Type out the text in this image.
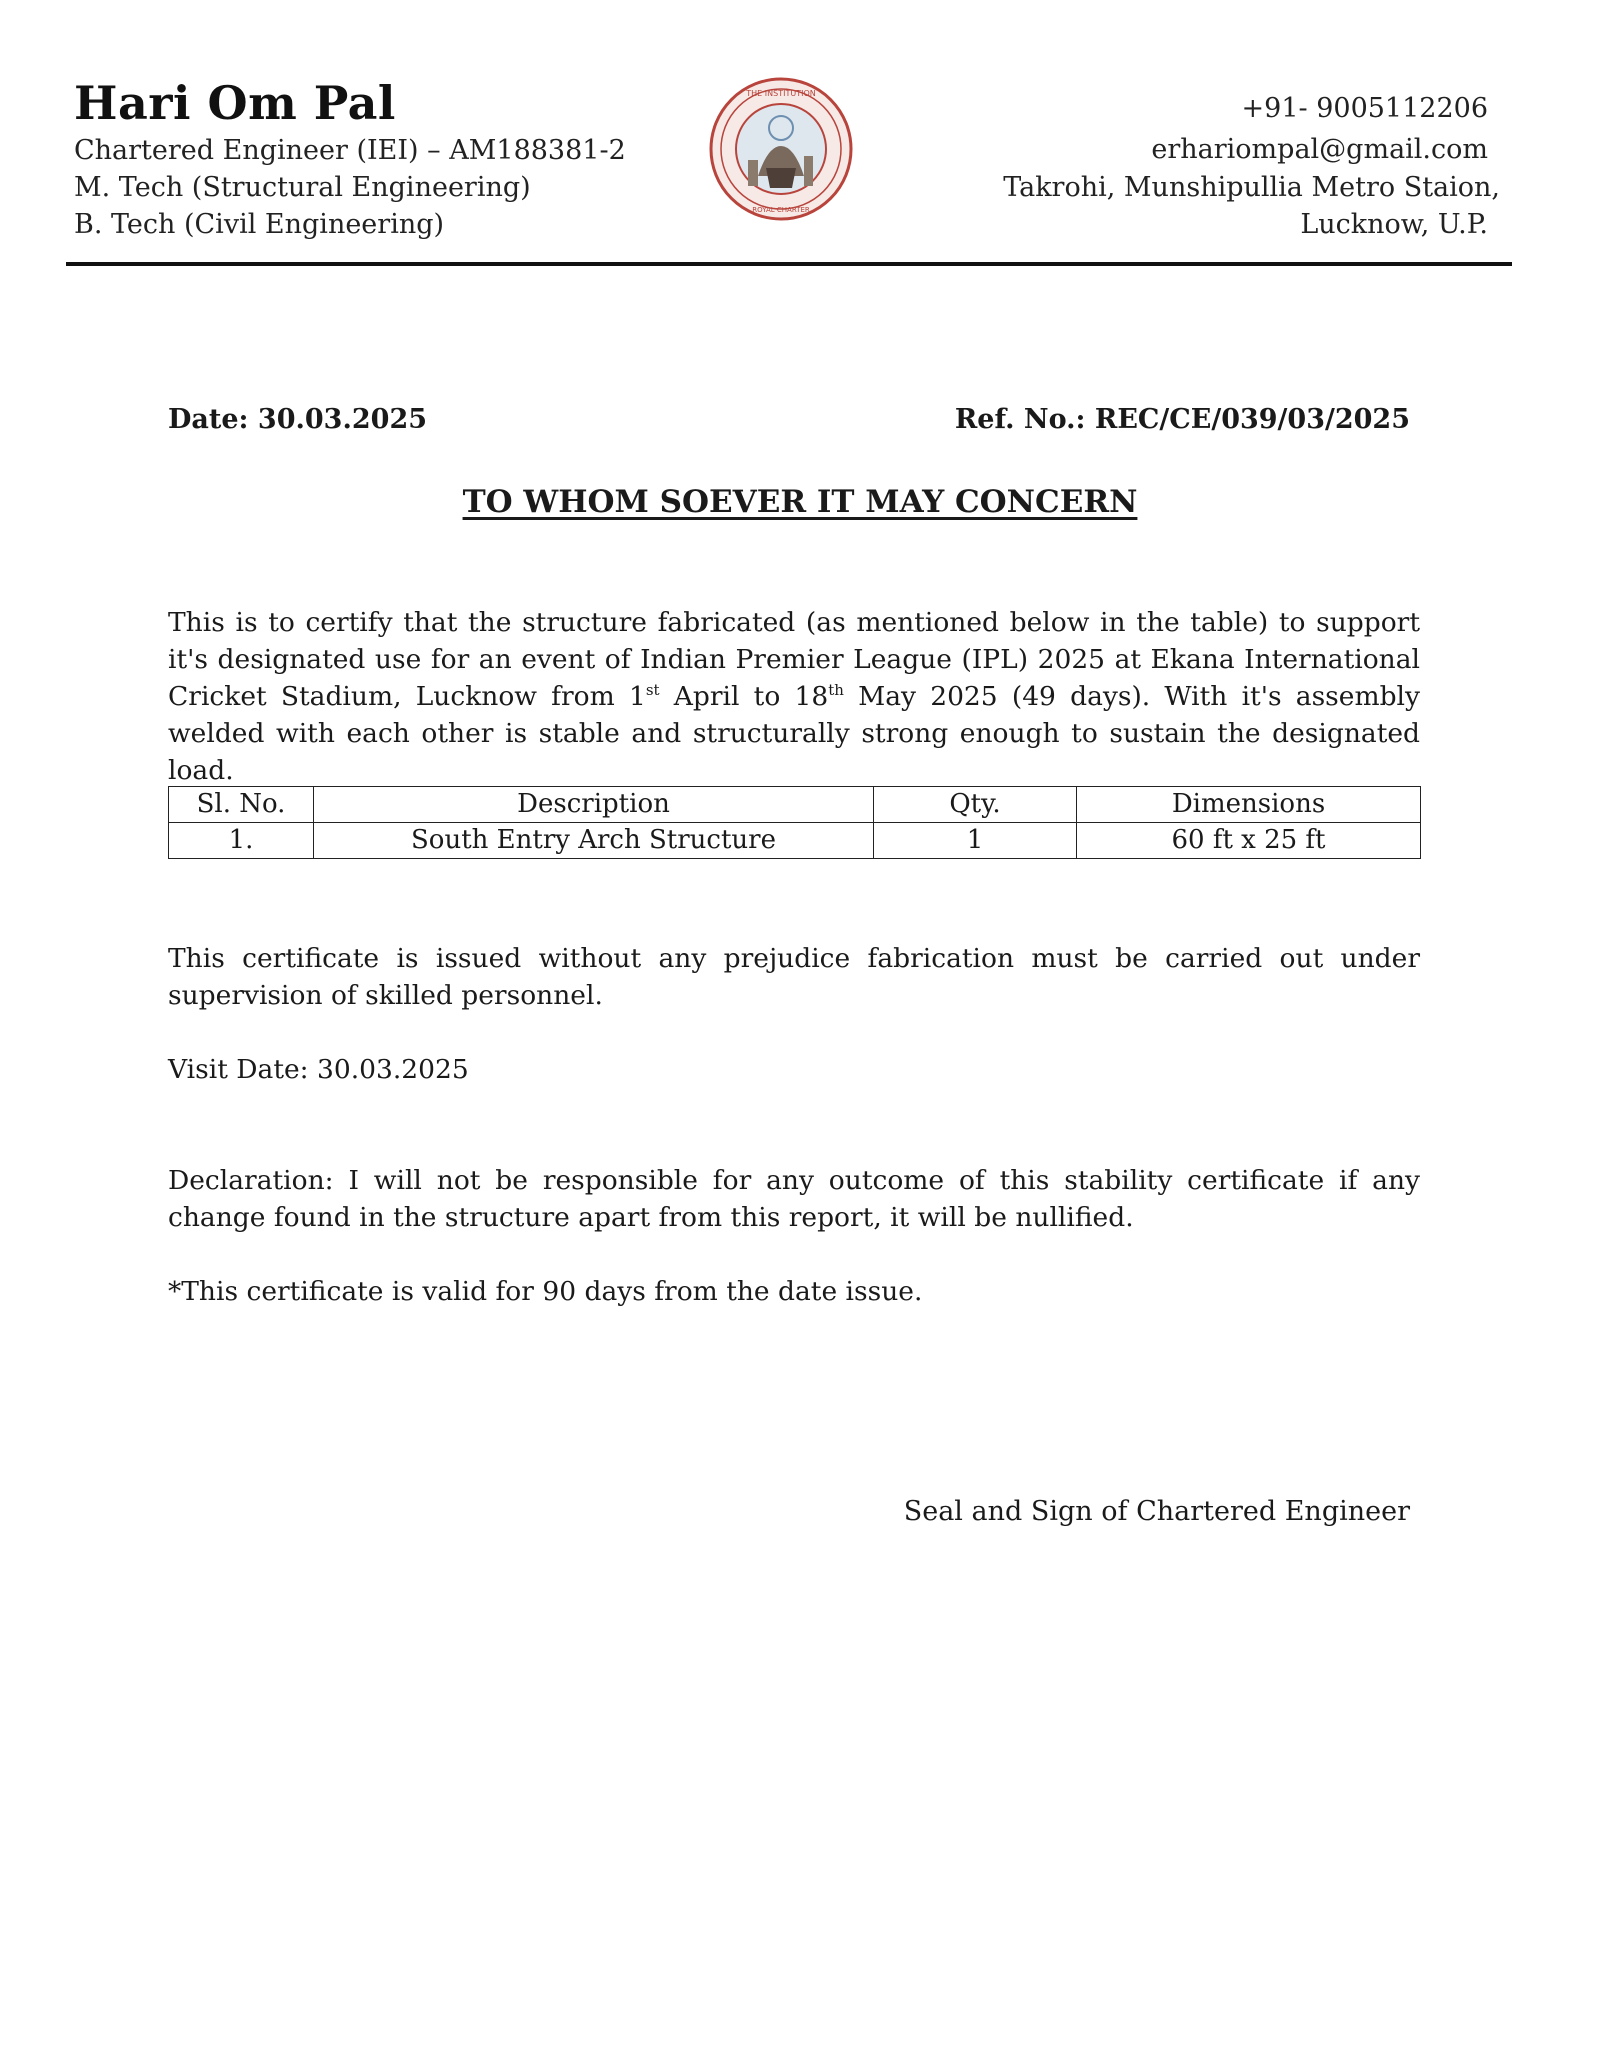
Hari Om Pal
Chartered Engineer (IEI) – AM188381-2
M. Tech (Structural Engineering)
B. Tech (Civil Engineering)
THE INSTITUTION
ROYAL CHARTER
+91- 9005112206
erhariompal@gmail.com
Takrohi, Munshipullia Metro Staion,
Lucknow, U.P.
Date: 30.03.2025	Ref. No.: REC/CE/039/03/2025
TO WHOM SOEVER IT MAY CONCERN
This is to certify that the structure fabricated (as mentioned below in the table) to support it's designated use for an event of Indian Premier League (IPL) 2025 at Ekana International Cricket Stadium, Lucknow from 1st April to 18th May 2025 (49 days). With it's assembly welded with each other is stable and structurally strong enough to sustain the designated load.
Sl. No.	Description	Qty.	Dimensions
1.	South Entry Arch Structure	1	60 ft x 25 ft
This certificate is issued without any prejudice fabrication must be carried out under supervision of skilled personnel.
Visit Date: 30.03.2025
Declaration: I will not be responsible for any outcome of this stability certificate if any change found in the structure apart from this report, it will be nullified.
*This certificate is valid for 90 days from the date issue.
Seal and Sign of Chartered Engineer
